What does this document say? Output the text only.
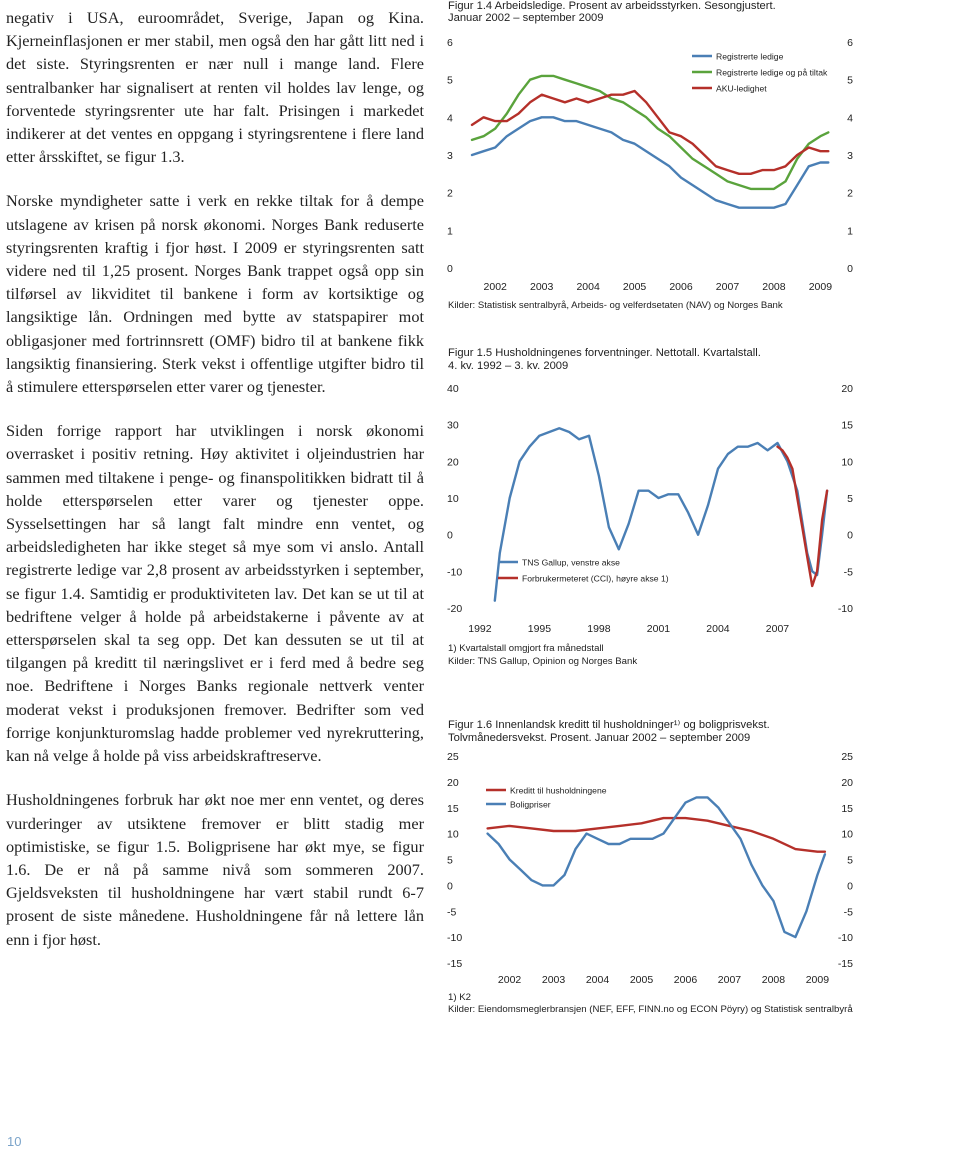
negativ i USA, euroområdet, Sverige, Japan og Kina. Kjerneinflasjonen er mer stabil, men også den har gått litt ned i det siste. Styringsrenten er nær null i mange land. Flere sentralbanker har signalisert at renten vil holdes lav lenge, og forventede styringsrenter ute har falt. Prisingen i markedet indikerer at det ventes en oppgang i styringsrentene i flere land etter årsskiftet, se figur 1.3.

Norske myndigheter satte i verk en rekke tiltak for å dempe utslagene av krisen på norsk økonomi. Norges Bank reduserte styringsrenten kraftig i fjor høst. I 2009 er styringsrenten satt videre ned til 1,25 prosent. Norges Bank trappet også opp sin tilførsel av likviditet til bankene i form av kortsiktige og langsiktige lån. Ordningen med bytte av statspapirer mot obligasjoner med fortrinnsrett (OMF) bidro til at bankene fikk langsiktig finansiering. Sterk vekst i offentlige utgifter bidro til å stimulere etterspørselen etter varer og tjenester.

Siden forrige rapport har utviklingen i norsk økonomi overrasket i positiv retning. Høy aktivitet i oljeindustrien har sammen med tiltakene i penge- og finanspolitikken bidratt til å holde etterspørselen etter varer og tjenester oppe. Sysselsettingen har så langt falt mindre enn ventet, og arbeidsledigheten har ikke steget så mye som vi anslo. Antall registrerte ledige var 2,8 prosent av arbeidsstyrken i september, se figur 1.4. Samtidig er produktiviteten lav. Det kan se ut til at bedriftene velger å holde på arbeidstakerne i påvente av at etterspørselen skal ta seg opp. Det kan dessuten se ut til at tilgangen på kreditt til næringslivet er i ferd med å bedre seg noe. Bedriftene i Norges Banks regionale nettverk venter moderat vekst i produksjonen fremover. Bedrifter som ved forrige konjunkturomslag hadde problemer ved nyrekruttering, kan nå velge å holde på viss arbeidskraftreserve.

Husholdningenes forbruk har økt noe mer enn ventet, og deres vurderinger av utsiktene fremover er blitt stadig mer optimistiske, se figur 1.5. Boligprisene har økt mye, se figur 1.6. De er nå på samme nivå som sommeren 2007. Gjeldsveksten til husholdningene har vært stabil rundt 6-7 prosent de siste månedene. Husholdningene får nå lettere lån enn i fjor høst.

Figur 1.4 Arbeidsledige. Prosent av arbeidsstyrken. Sesongjustert.
Januar 2002 – september 2009
0
1
2
3
4
5
6
0
1
2
3
4
5
6
2002 2003 2004 2005 2006 2007 2008 2009
Registrerte ledige
Registrerte ledige og på tiltak
AKU-ledighet
Kilder: Statistisk sentralbyrå, Arbeids- og velferdsetaten (NAV) og Norges Bank
Figur 1.5 Husholdningenes forventninger. Nettotall. Kvartalstall.
4. kv. 1992 – 3. kv. 2009
-20
-10
0
10
20
30
40
-10
-5
0
5
10
15
20
1992	1995	1998	2001	2004	2007
TNS Gallup, venstre akse
Forbrukermeteret (CCI), høyre akse 1)
1) Kvartalstall omgjort fra månedstall
Kilder: TNS Gallup, Opinion og Norges Bank
Figur 1.6 Innenlandsk kreditt til husholdninger¹⁾ og boligprisvekst.
Tolvmånedersvekst. Prosent. Januar 2002 – september 2009
-15
-10
-5
0
5
10
15
20
25
-15
-10
-5
0
5
10
15
20
25
2002 2003 2004 2005 2006 2007 2008 2009
Kreditt til husholdningene
Boligpriser
1) K2
Kilder: Eiendomsmeglerbransjen (NEF, EFF, FINN.no og ECON Pöyry) og Statistisk sentralbyrå
10
